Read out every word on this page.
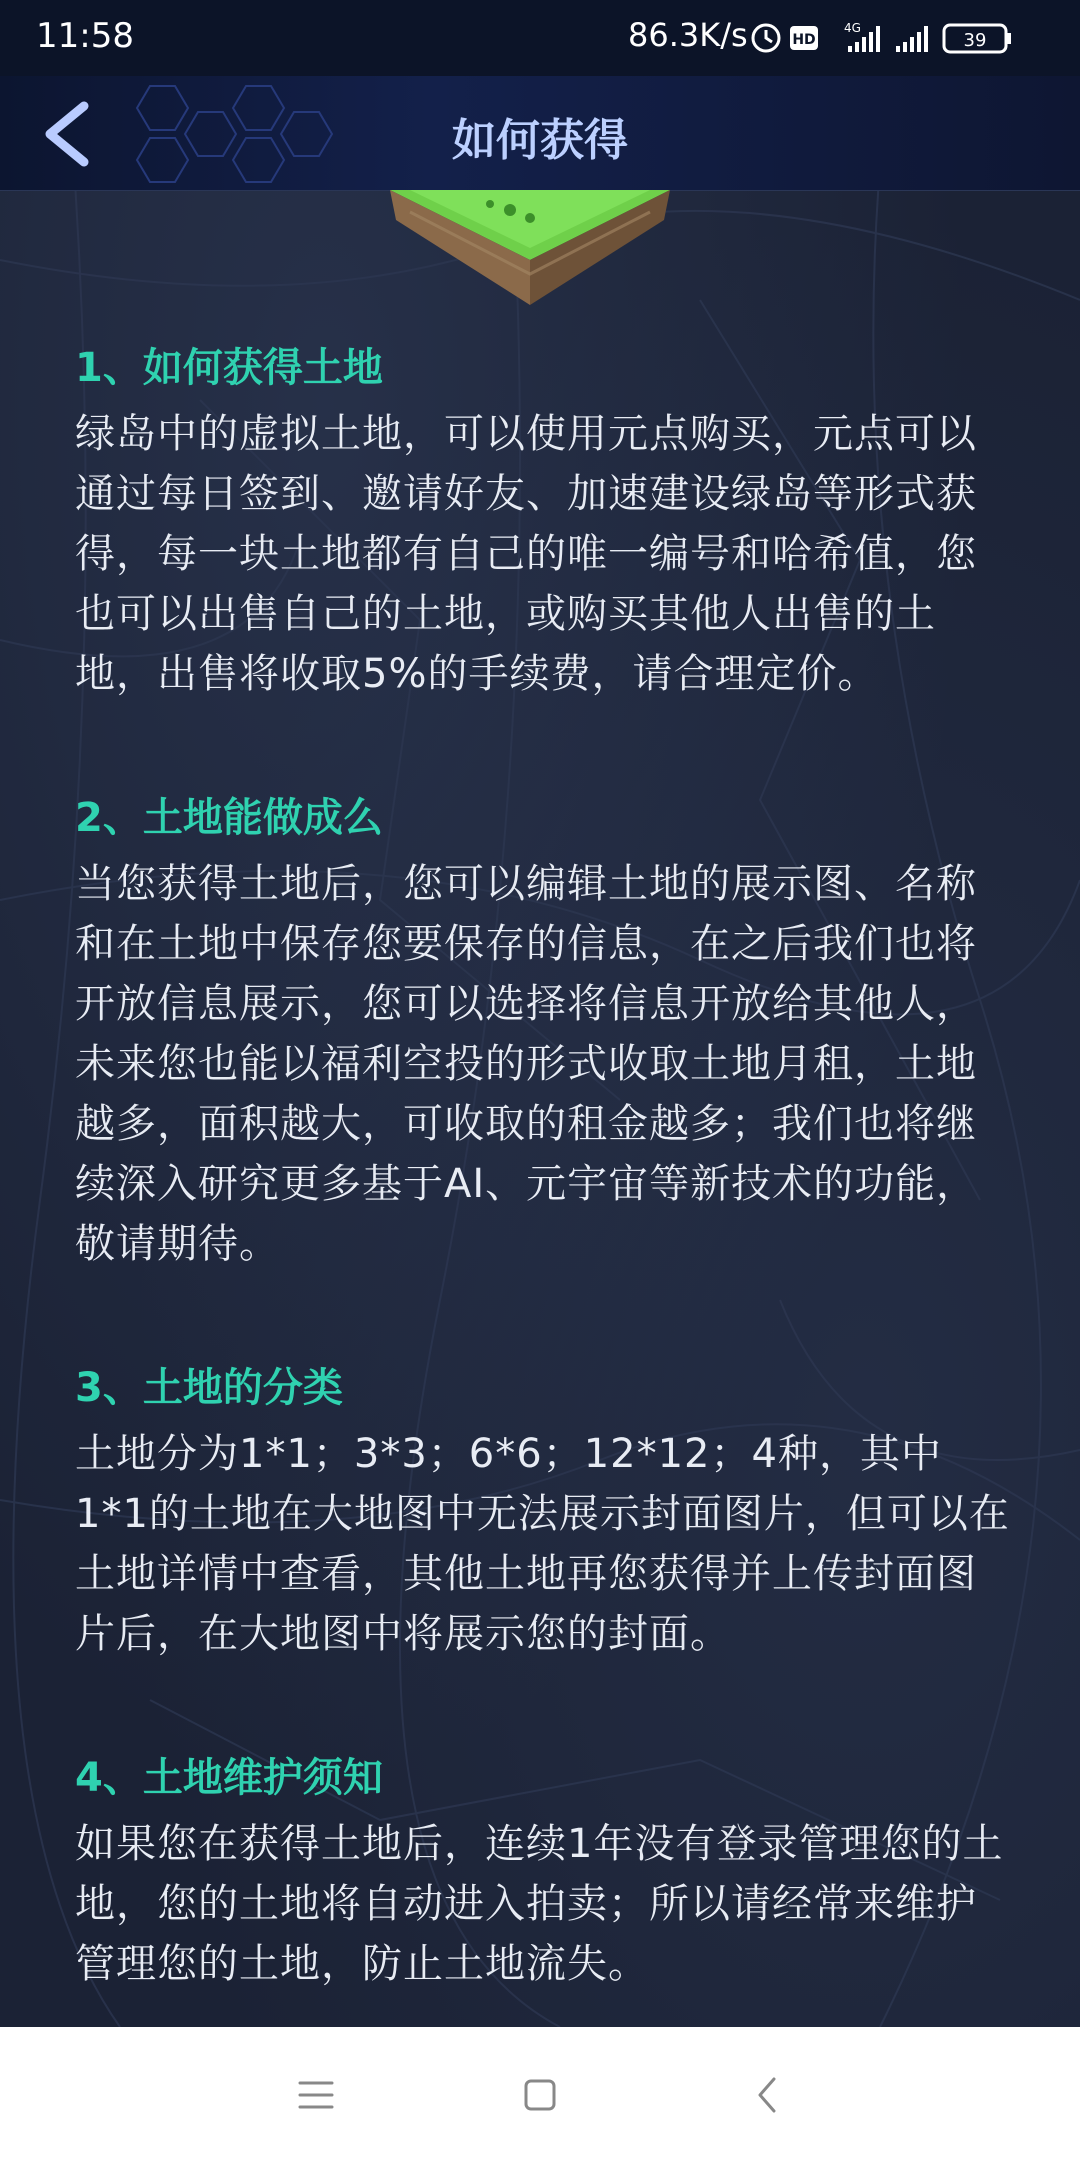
11:58	86.3K/s	HD
4G
39
如何获得
1、如何获得土地
绿岛中的虚拟土地，可以使用元点购买，元点可以通过每日签到、邀请好友、加速建设绿岛等形式获得，每一块土地都有自己的唯一编号和哈希值，您也可以出售自己的土地，或购买其他人出售的土地，出售将收取5%的手续费，请合理定价。
2、土地能做成么
当您获得土地后，您可以编辑土地的展示图、名称和在土地中保存您要保存的信息，在之后我们也将开放信息展示，您可以选择将信息开放给其他人，未来您也能以福利空投的形式收取土地月租，土地越多，面积越大，可收取的租金越多；我们也将继续深入研究更多基于AI、元宇宙等新技术的功能，敬请期待。
3、土地的分类
土地分为1*1；3*3；6*6；12*12；4种，其中1*1的土地在大地图中无法展示封面图片，但可以在土地详情中查看，其他土地再您获得并上传封面图片后，在大地图中将展示您的封面。
4、土地维护须知
如果您在获得土地后，连续1年没有登录管理您的土地，您的土地将自动进入拍卖；所以请经常来维护管理您的土地，防止土地流失。
